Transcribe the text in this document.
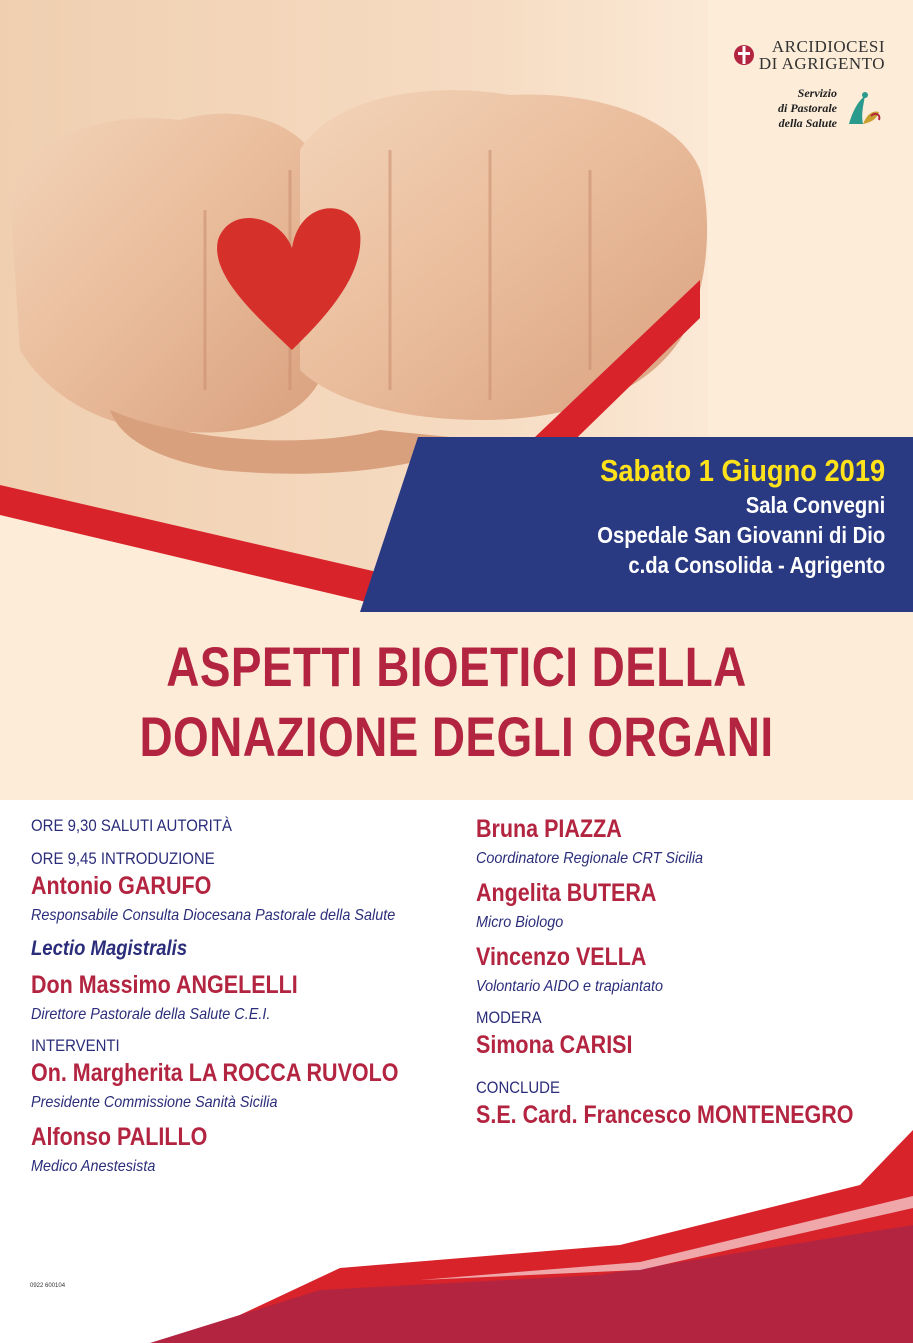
ARCIDIOCESI
DI AGRIGENTO
Servizio
di Pastorale
della Salute
Sabato 1 Giugno 2019
Sala Convegni
Ospedale San Giovanni di Dio
c.da Consolida - Agrigento
ASPETTI BIOETICI DELLA
DONAZIONE DEGLI ORGANI
ORE 9,30 SALUTI AUTORITÀ
ORE 9,45 INTRODUZIONE
Antonio GARUFO
Responsabile Consulta Diocesana Pastorale della Salute
Lectio Magistralis
Don Massimo ANGELELLI
Direttore Pastorale della Salute C.E.I.
INTERVENTI
On. Margherita LA ROCCA RUVOLO
Presidente Commissione Sanità Sicilia
Alfonso PALILLO
Medico Anestesista
Bruna PIAZZA
Coordinatore Regionale CRT Sicilia
Angelita BUTERA
Micro Biologo
Vincenzo VELLA
Volontario AIDO e trapiantato
MODERA
Simona CARISI
CONCLUDE
S.E. Card. Francesco MONTENEGRO
0922 600104
